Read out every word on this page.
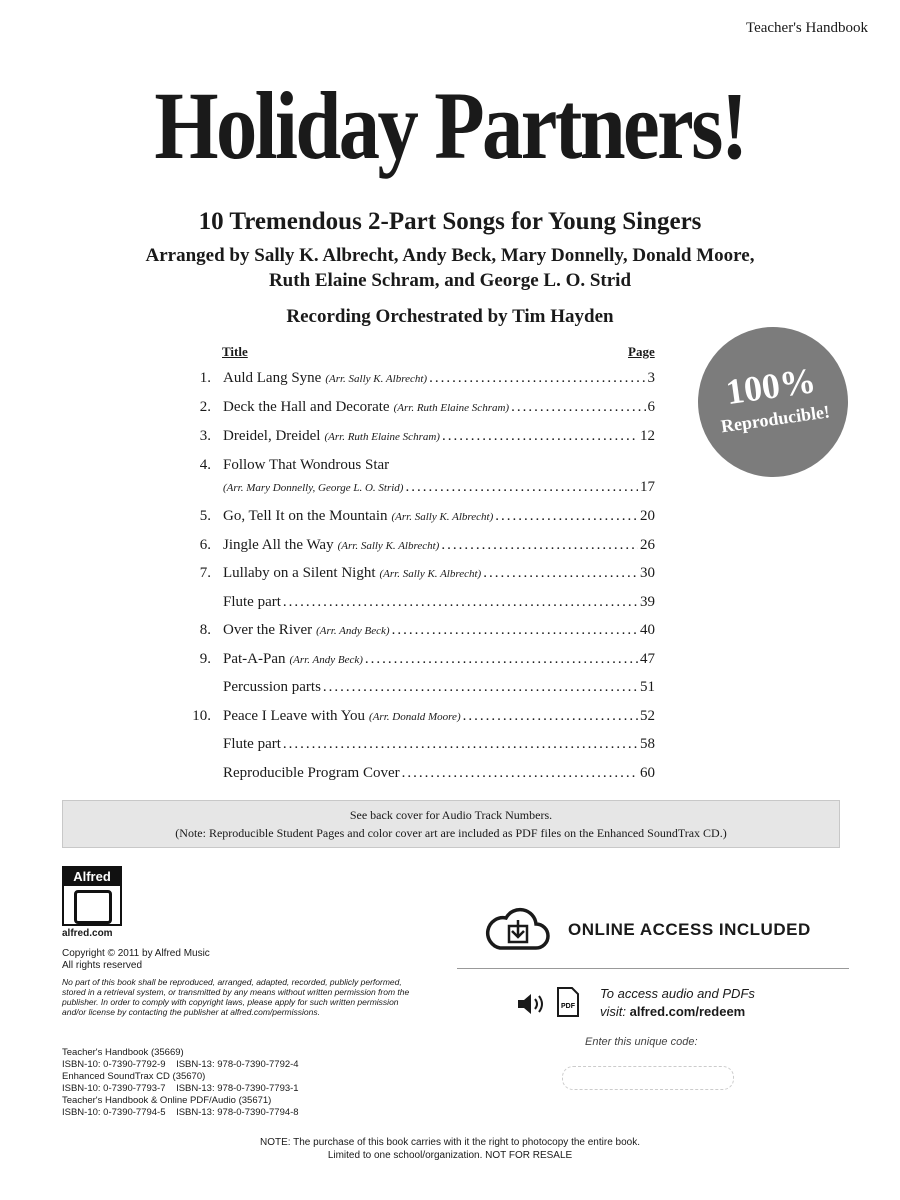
Teacher's Handbook
Holiday Partners!
10 Tremendous 2-Part Songs for Young Singers
Arranged by Sally K. Albrecht, Andy Beck, Mary Donnelly, Donald Moore,
Ruth Elaine Schram, and George L. O. Strid
Recording Orchestrated by Tim Hayden
Title	Page
1. Auld Lang Syne (Arr. Sally K. Albrecht) .....	3
2. Deck the Hall and Decorate (Arr. Ruth Elaine Schram) .....	6
3. Dreidel, Dreidel (Arr. Ruth Elaine Schram) .....	12
4. Follow That Wondrous Star
(Arr. Mary Donnelly, George L. O. Strid) .....	17
5. Go, Tell It on the Mountain (Arr. Sally K. Albrecht) .....	20
6. Jingle All the Way (Arr. Sally K. Albrecht) .....	26
7. Lullaby on a Silent Night (Arr. Sally K. Albrecht) .....	30
Flute part .....	39
8. Over the River (Arr. Andy Beck) .....	40
9. Pat-A-Pan (Arr. Andy Beck) .....	47
Percussion parts .....	51
10. Peace I Leave with You (Arr. Donald Moore) .....	52
Flute part .....	58
Reproducible Program Cover .....	60
100%
Reproducible!
See back cover for Audio Track Numbers.
(Note: Reproducible Student Pages and color cover art are included as PDF files on the Enhanced SoundTrax CD.)
Alfred
alfred.com
Copyright © 2011 by Alfred Music
All rights reserved
No part of this book shall be reproduced, arranged, adapted, recorded, publicly performed, stored in a retrieval system, or transmitted by any means without written permission from the publisher. In order to comply with copyright laws, please apply for such written permission and/or license by contacting the publisher at alfred.com/permissions.
Teacher's Handbook (35669)
ISBN-10: 0-7390-7792-9    ISBN-13: 978-0-7390-7792-4
Enhanced SoundTrax CD (35670)
ISBN-10: 0-7390-7793-7    ISBN-13: 978-0-7390-7793-1
Teacher's Handbook & Online PDF/Audio (35671)
ISBN-10: 0-7390-7794-5    ISBN-13: 978-0-7390-7794-8
ONLINE ACCESS INCLUDED
PDF
To access audio and PDFs
visit: alfred.com/redeem
Enter this unique code:
NOTE: The purchase of this book carries with it the right to photocopy the entire book.
Limited to one school/organization. NOT FOR RESALE
